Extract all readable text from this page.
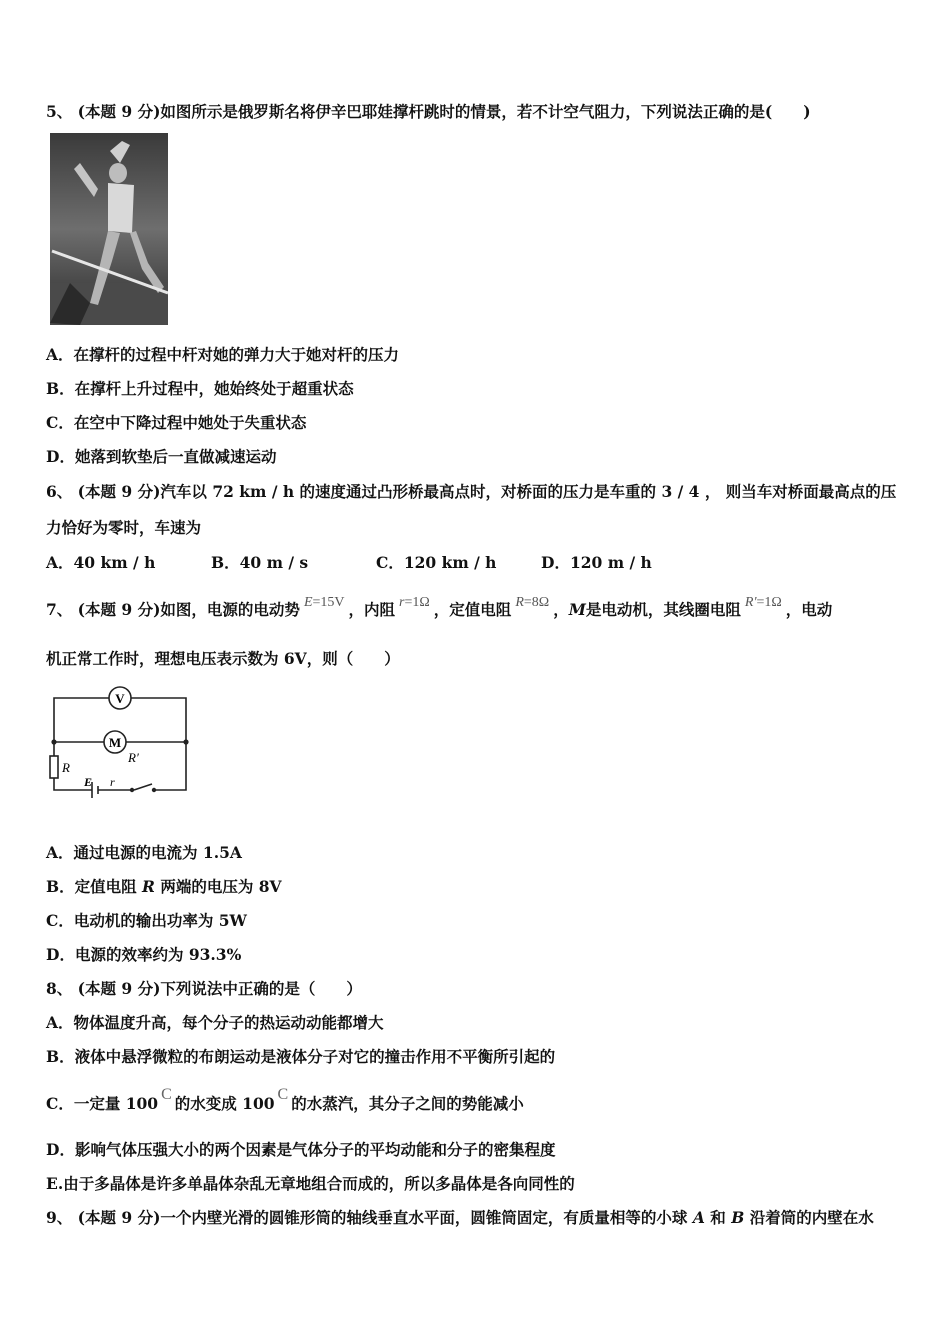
5、 (本题 9 分)如图所示是俄罗斯名将伊辛巴耶娃撑杆跳时的情景，若不计空气阻力，下列说法正确的是(　　)
A．在撑杆的过程中杆对她的弹力大于她对杆的压力
B．在撑杆上升过程中，她始终处于超重状态
C．在空中下降过程中她处于失重状态
D．她落到软垫后一直做减速运动
6、 (本题 9 分)汽车以 72 km / h 的速度通过凸形桥最高点时，对桥面的压力是车重的 3 / 4 ， 则当车对桥面最高点的压
力恰好为零时，车速为
A．40 km / h	B．40 m / s	C．120 km / h	D．120 m / h
7、 (本题 9 分)如图，电源的电动势 E=15V ，内阻 r=1Ω ，定值电阻 R=8Ω ，M是电动机，其线圈电阻 R'=1Ω ，电动
机正常工作时，理想电压表示数为 6V，则（　　）
V
M
R′
R
E r
A．通过电源的电流为 1.5A
B．定值电阻 R 两端的电压为 8V
C．电动机的输出功率为 5W
D．电源的效率约为 93.3%
8、 (本题 9 分)下列说法中正确的是（　　）
A．物体温度升高，每个分子的热运动动能都增大
B．液体中悬浮微粒的布朗运动是液体分子对它的撞击作用不平衡所引起的
C．一定量 100 C 的水变成 100 C 的水蒸汽，其分子之间的势能减小
D．影响气体压强大小的两个因素是气体分子的平均动能和分子的密集程度
E.由于多晶体是许多单晶体杂乱无章地组合而成的，所以多晶体是各向同性的
9、 (本题 9 分)一个内壁光滑的圆锥形筒的轴线垂直水平面，圆锥筒固定，有质量相等的小球 A 和 B 沿着筒的内壁在水
